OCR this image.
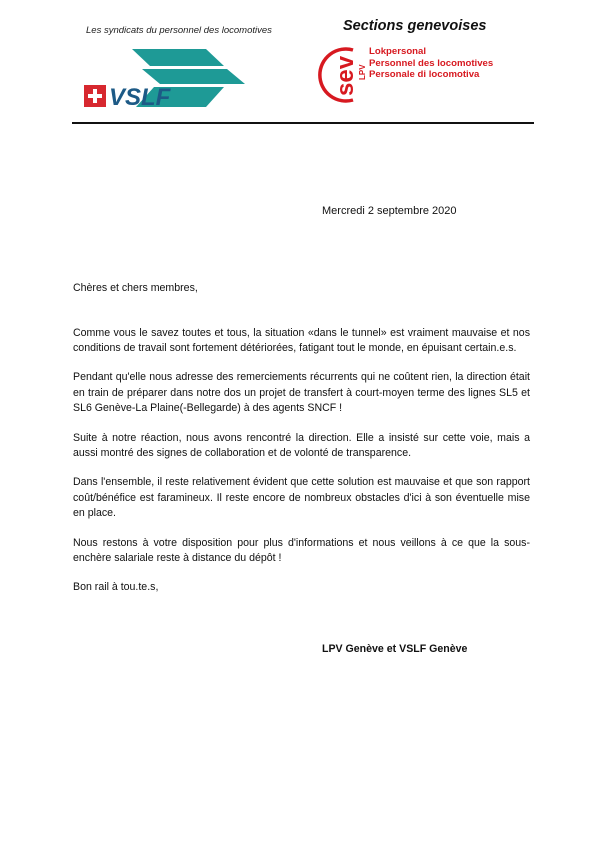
Les syndicats du personnel des locomotives	Sections genevoises
VSLF
sev LPV
Lokpersonal
Personnel des locomotives
Personale di locomotiva
Mercredi 2 septembre 2020

Chères et chers membres,

Comme vous le savez toutes et tous, la situation «dans le tunnel» est vraiment mauvaise et nos conditions de travail sont fortement détériorées, fatigant tout le monde, en épuisant certain.e.s.

Pendant qu'elle nous adresse des remerciements récurrents qui ne coûtent rien, la direction était en train de préparer dans notre dos un projet de transfert à court-moyen terme des lignes SL5 et SL6 Genève-La Plaine(-Bellegarde) à des agents SNCF !

Suite à notre réaction, nous avons rencontré la direction. Elle a insisté sur cette voie, mais a aussi montré des signes de collaboration et de volonté de transparence.

Dans l'ensemble, il reste relativement évident que cette solution est mauvaise et que son rapport coût/bénéfice est faramineux. Il reste encore de nombreux obstacles d'ici à son éventuelle mise en place.

Nous restons à votre disposition pour plus d'informations et nous veillons à ce que la sous-enchère salariale reste à distance du dépôt !

Bon rail à tou.te.s,

LPV Genève et VSLF Genève
